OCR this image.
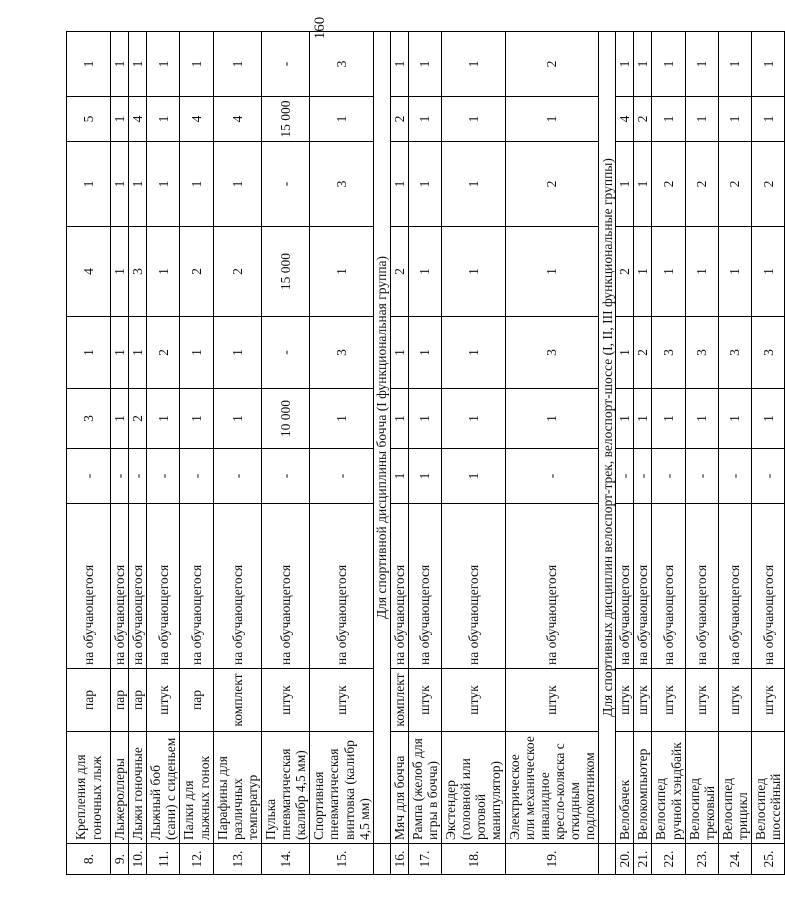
160
8.	Крепления для гоночных лыж	пар	на обучающегося	-	3	1	4	1	5	1
9.	Лыжероллеры	пар	на обучающегося	-	1	1	1	1	1	1
10.	Лыжи гоночные	пар	на обучающегося	-	2	1	3	1	4	1
11.	Лыжный боб (сани) с сиденьем	штук	на обучающегося	-	1	2	1	1	1	1
12.	Палки для лыжных гонок	пар	на обучающегося	-	1	1	2	1	4	1
13.	Парафины для различных температур	комплект	на обучающегося	-	1	1	2	1	4	1
14.	Пулька пневматическая (калибр 4,5 мм)	штук	на обучающегося	-	10 000	-	15 000	-	15 000	-
15.	Спортивная пневматическая винтовка (калибр 4,5 мм)	штук	на обучающегося	-	1	3	1	3	1	3
	Для спортивной дисциплины бочча (I функциональная группа)									
16.	Мяч для бочча	комплект	на обучающегося	1	1	1	2	1	2	1
17.	Рампа (желоб для игры в бочча)	штук	на обучающегося	1	1	1	1	1	1	1
18.	Экстендер (головной или ротовой манипулятор)	штук	на обучающегося	1	1	1	1	1	1	1
19.	Электрическое или механическое инвалидное кресло-коляска с откидным подлокотником	штук	на обучающегося	-	1	3	1	2	1	2
	Для спортивных дисциплин велоспорт-трек, велоспорт-шоссе (I, II, III функциональные группы)									
20.	Велобачек	штук	на обучающегося	-	1	1	2	1	4	1
21.	Велокомпьютер	штук	на обучающегося	-	1	2	1	1	2	1
22.	Велосипед ручной хэндбайк	штук	на обучающегося	-	1	3	1	2	1	1
23.	Велосипед трековый	штук	на обучающегося	-	1	3	1	2	1	1
24.	Велосипед трицикл	штук	на обучающегося	-	1	3	1	2	1	1
25.	Велосипед шоссейный	штук	на обучающегося	-	1	3	1	2	1	1
